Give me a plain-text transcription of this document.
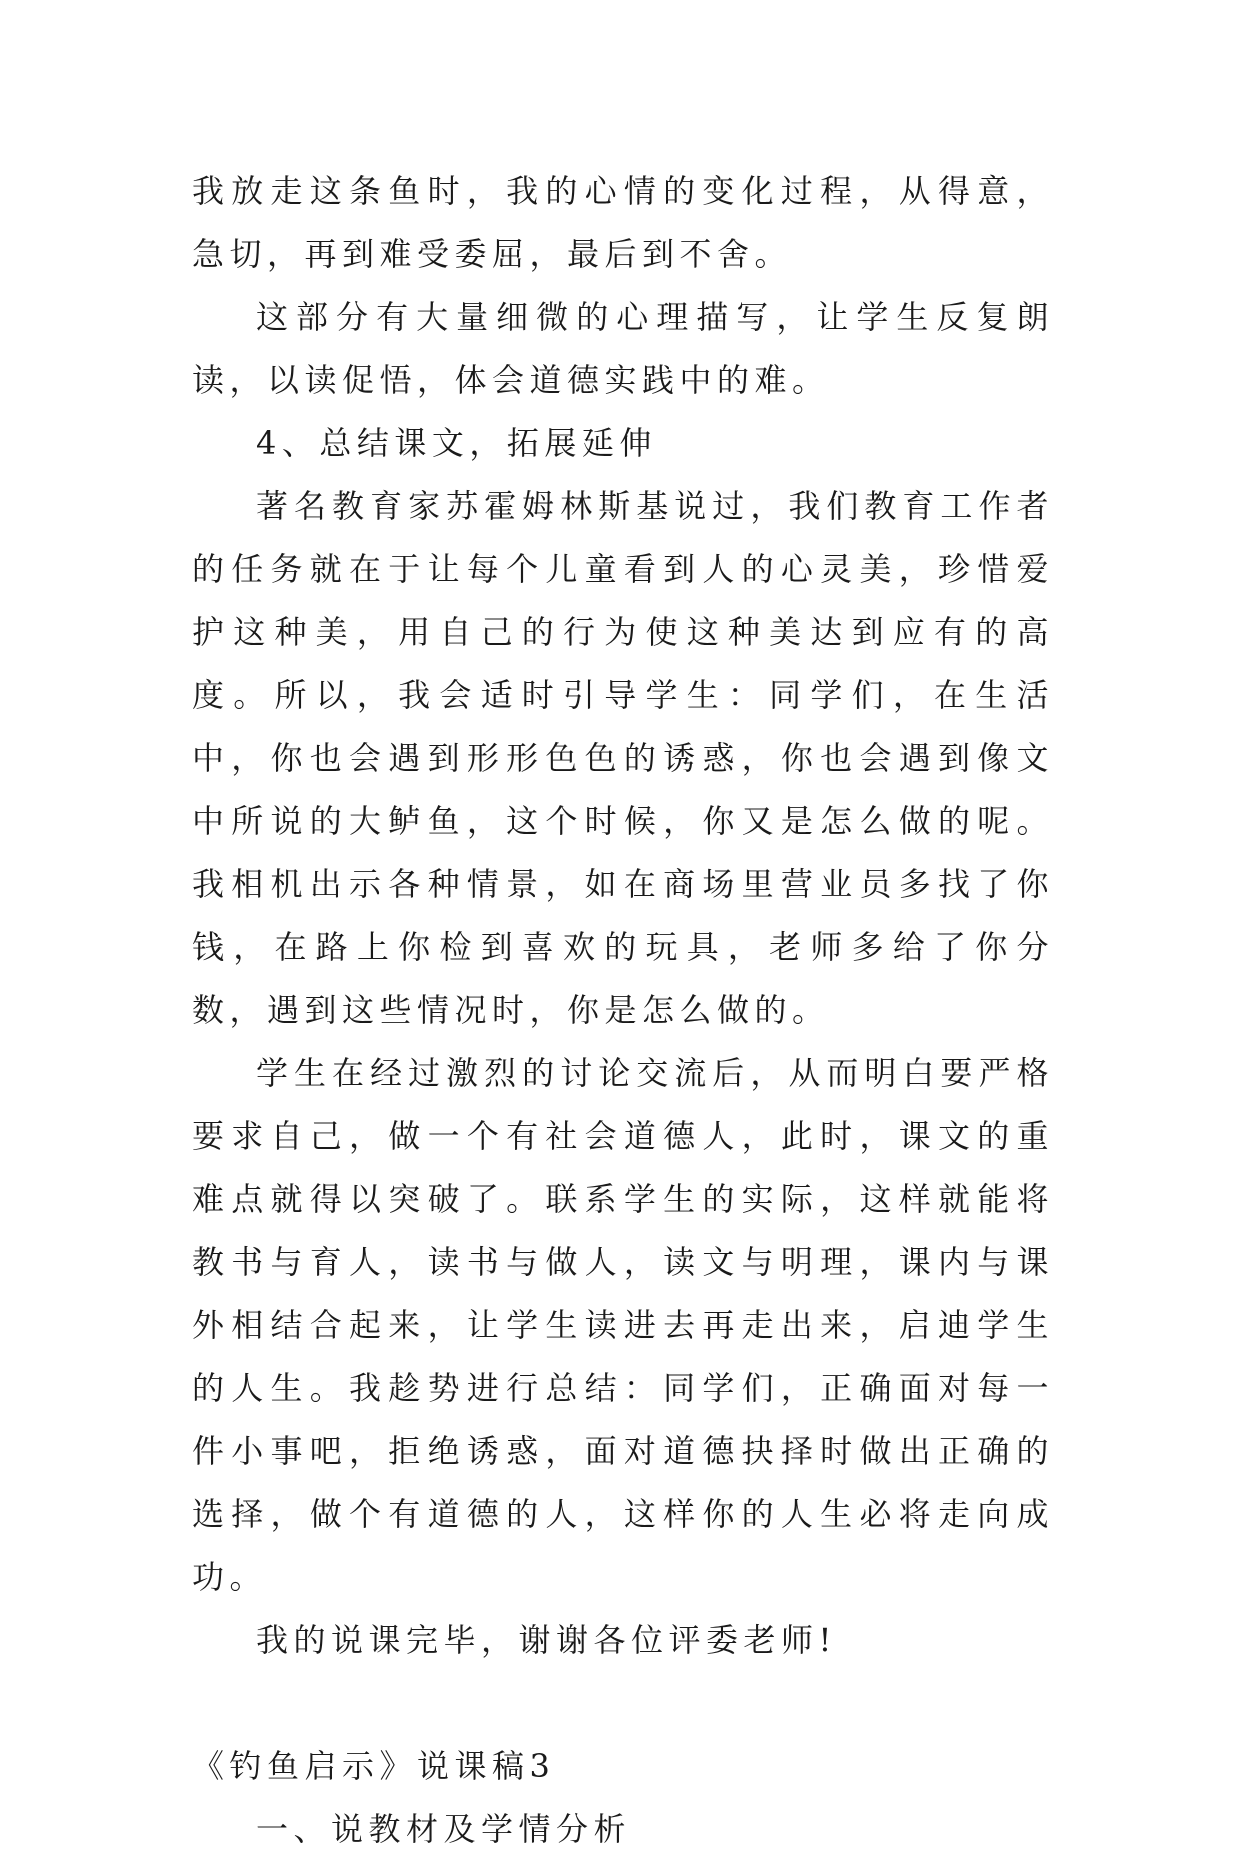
我放走这条鱼时，我的心情的变化过程，从得意，急切，再到难受委屈，最后到不舍。

这部分有大量细微的心理描写，让学生反复朗读，以读促悟，体会道德实践中的难。

4、总结课文，拓展延伸

著名教育家苏霍姆林斯基说过，我们教育工作者的任务就在于让每个儿童看到人的心灵美，珍惜爱护这种美，用自己的行为使这种美达到应有的高度。所以，我会适时引导学生：同学们，在生活中，你也会遇到形形色色的诱惑，你也会遇到像文中所说的大鲈鱼，这个时候，你又是怎么做的呢。我相机出示各种情景，如在商场里营业员多找了你钱，在路上你检到喜欢的玩具，老师多给了你分数，遇到这些情况时，你是怎么做的。

学生在经过激烈的讨论交流后，从而明白要严格要求自己，做一个有社会道德人，此时，课文的重难点就得以突破了。联系学生的实际，这样就能将教书与育人，读书与做人，读文与明理，课内与课外相结合起来，让学生读进去再走出来，启迪学生的人生。我趁势进行总结：同学们，正确面对每一件小事吧，拒绝诱惑，面对道德抉择时做出正确的选择，做个有道德的人，这样你的人生必将走向成功。

我的说课完毕，谢谢各位评委老师!

《钓鱼启示》说课稿3

一、说教材及学情分析
